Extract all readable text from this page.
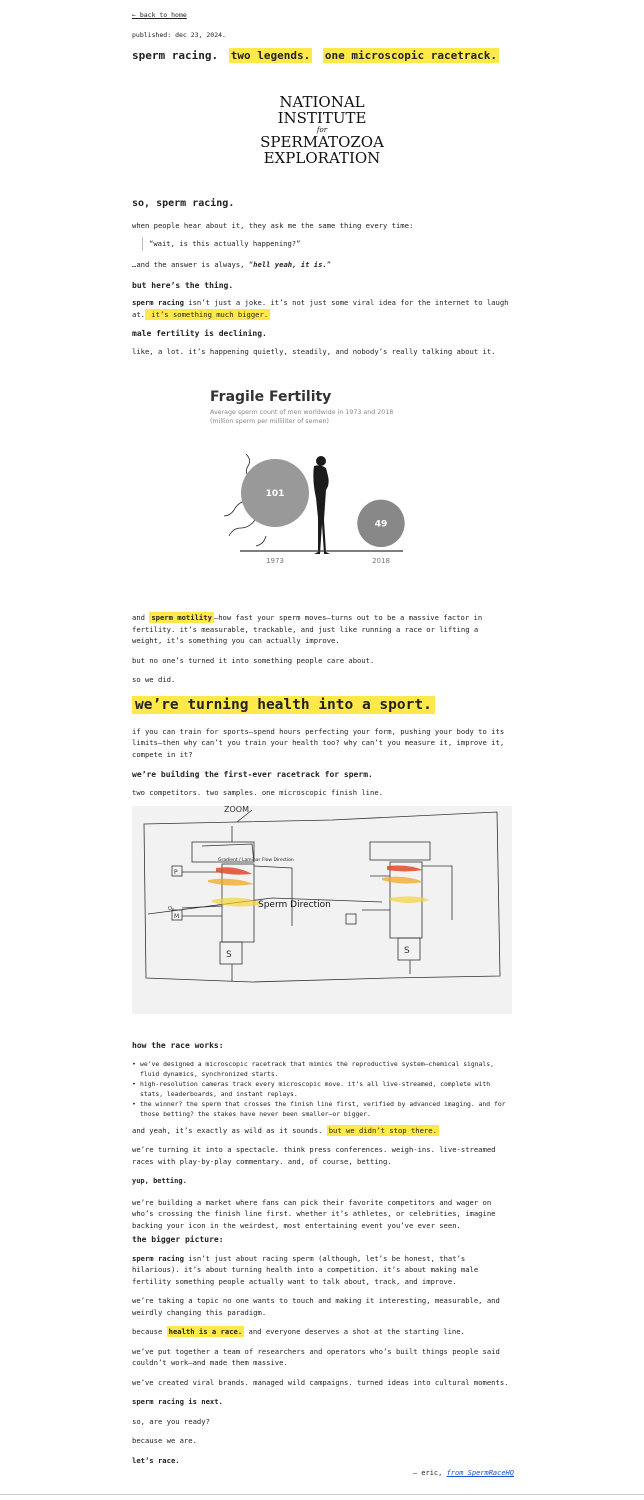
← back to home
published: dec 23, 2024.
sperm racing. two legends. one microscopic racetrack.
NATIONAL
INSTITUTE
for
SPERMATOZOA
EXPLORATION
so, sperm racing.

when people hear about it, they ask me the same thing every time:

“wait, is this actually happening?”

…and the answer is always, “hell yeah, it is.”

but here’s the thing.

sperm racing isn’t just a joke. it’s not just some viral idea for the internet to laugh at. it’s something much bigger.

male fertility is declining.

like, a lot. it’s happening quietly, steadily, and nobody’s really talking about it.

Fragile Fertility
Average sperm count of men worldwide in 1973 and 2018
(million sperm per milliliter of semen)
101
49
1973	2018

and sperm motility —how fast your sperm moves—turns out to be a massive factor in fertility. it’s measurable, trackable, and just like running a race or lifting a weight, it’s something you can actually improve.

but no one’s turned it into something people care about.

so we did.

we’re turning health into a sport.

if you can train for sports—spend hours perfecting your form, pushing your body to its limits—then why can’t you train your health too? why can’t you measure it, improve it, compete in it?

we’re building the first-ever racetrack for sperm.

two competitors. two samples. one microscopic finish line.

Gradient / Laminar Flow Direction
Sperm Direction
ZOOM
P
M
O₂
S	S
how the race works:
• we’ve designed a microscopic racetrack that mimics the reproductive system—chemical signals, fluid dynamics, synchronized starts.
• high-resolution cameras track every microscopic move. it’s all live-streamed, complete with stats, leaderboards, and instant replays.
• the winner? the sperm that crosses the finish line first, verified by advanced imaging. and for those betting? the stakes have never been smaller—or bigger.

and yeah, it’s exactly as wild as it sounds. but we didn’t stop there.

we’re turning it into a spectacle. think press conferences. weigh-ins. live-streamed races with play-by-play commentary. and, of course, betting.

yup, betting.

we’re building a market where fans can pick their favorite competitors and wager on who’s crossing the finish line first. whether it’s athletes, or celebrities, imagine backing your icon in the weirdest, most entertaining event you’ve ever seen.

the bigger picture:

sperm racing isn’t just about racing sperm (although, let’s be honest, that’s hilarious). it’s about turning health into a competition. it’s about making male fertility something people actually want to talk about, track, and improve.

we’re taking a topic no one wants to touch and making it interesting, measurable, and weirdly changing this paradigm.

because health is a race. and everyone deserves a shot at the starting line.

we’ve put together a team of researchers and operators who’s built things people said couldn’t work—and made them massive.

we’ve created viral brands. managed wild campaigns. turned ideas into cultural moments.

sperm racing is next.

so, are you ready?

because we are.

let’s race.

– eric, from SpermRaceHQ
